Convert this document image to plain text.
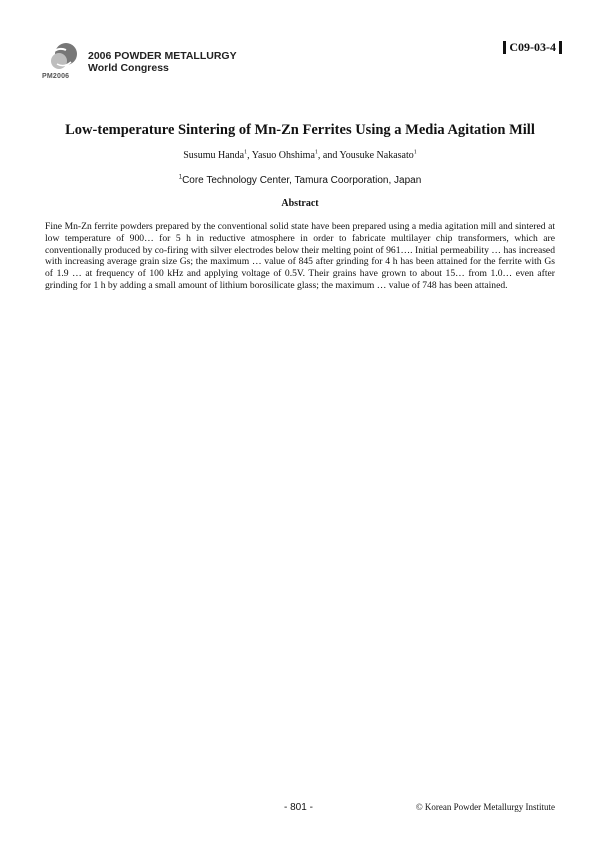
PM2006
2006 POWDER METALLURGY
World Congress
C09-03-4
Low-temperature Sintering of Mn-Zn Ferrites Using a Media Agitation Mill
Susumu Handa$^1$, Yasuo Ohshima$^1$, and Yousuke Nakasato$^1$
$^1$Core Technology Center, Tamura Coorporation, Japan
Abstract

Fine Mn-Zn ferrite powders prepared by the conventional solid state have been prepared using a media agitation mill and sintered at low temperature of 900… for 5 h in reductive atmosphere in order to fabricate multilayer chip transformers, which are conventionally produced by co-firing with silver electrodes below their melting point of 961…. Initial permeability … has increased with increasing average grain size Gs; the maximum … value of 845 after grinding for 4 h has been attained for the ferrite with Gs of 1.9 … at frequency of 100 kHz and applying voltage of 0.5V. Their grains have grown to about 15… from 1.0… even after grinding for 1 h by adding a small amount of lithium borosilicate glass; the maximum … value of 748 has been attained.

- 801 -	© Korean Powder Metallurgy Institute
